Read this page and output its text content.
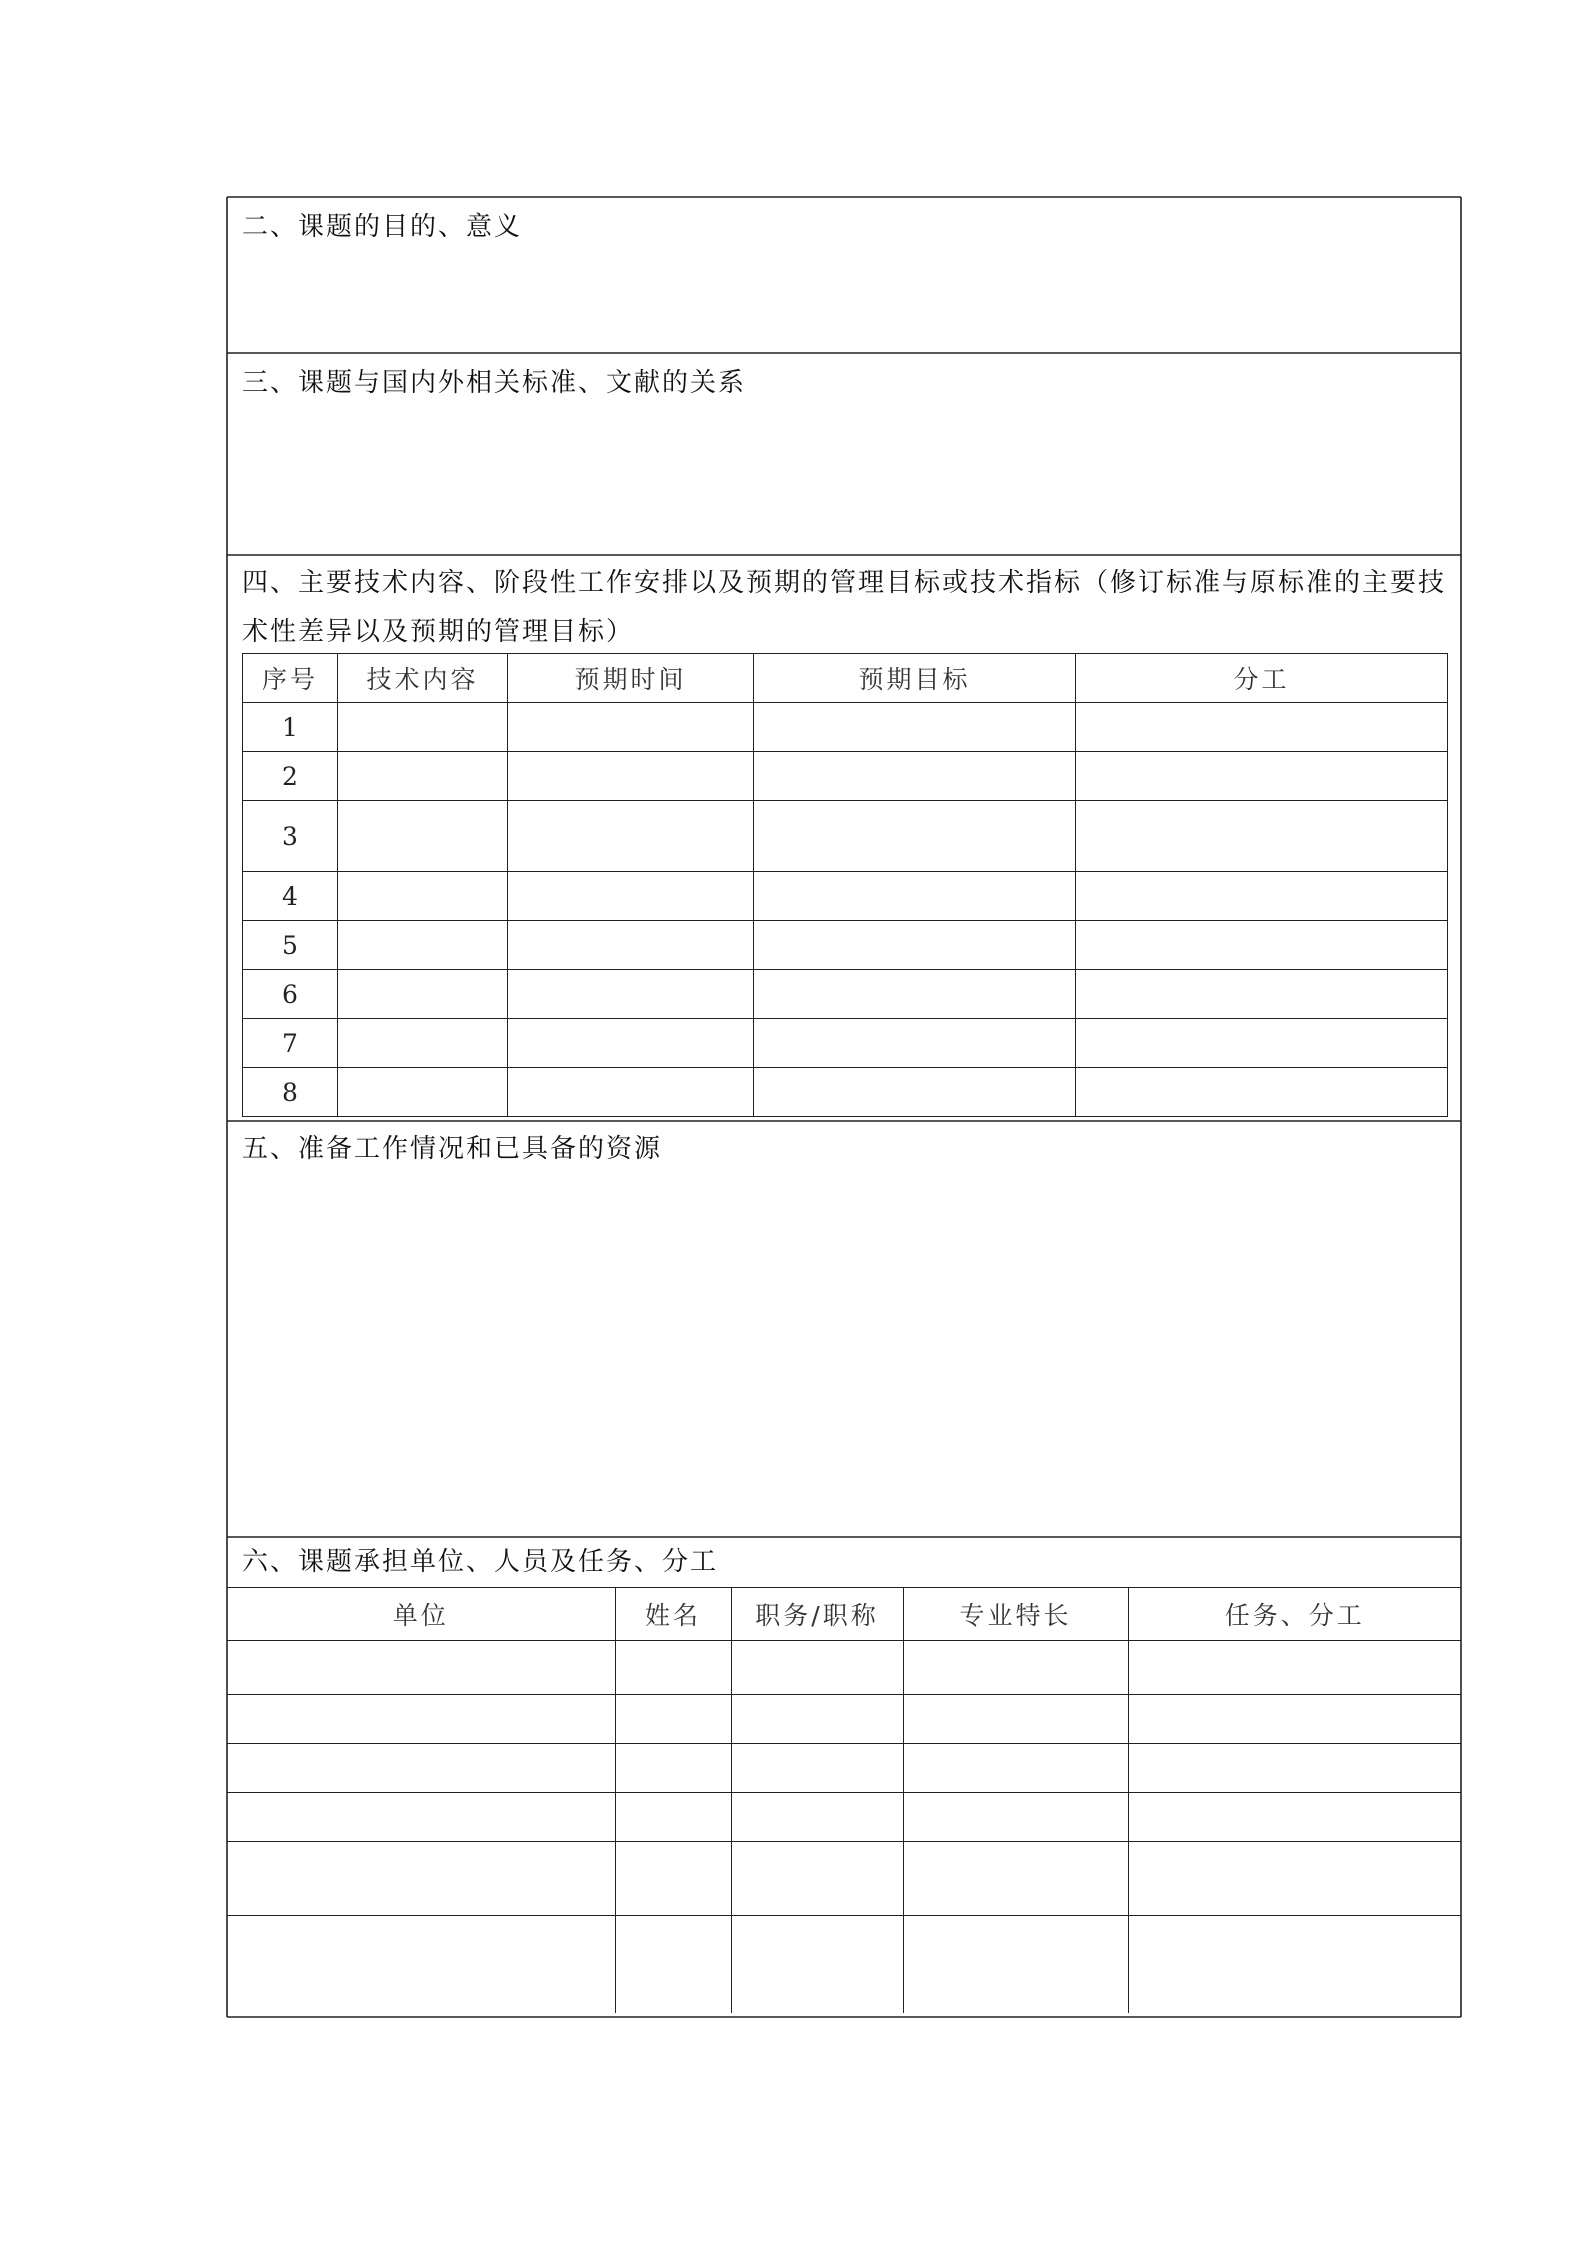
二、课题的目的、意义
三、课题与国内外相关标准、文献的关系
四、主要技术内容、阶段性工作安排以及预期的管理目标或技术指标（修订标准与原标准的主要技
术性差异以及预期的管理目标）
序号	技术内容	预期时间	预期目标	分工
1				
2				
3				
4				
5				
6				
7				
8				
五、准备工作情况和已具备的资源
六、课题承担单位、人员及任务、分工
单位	姓名	职务/职称	专业特长	任务、分工
